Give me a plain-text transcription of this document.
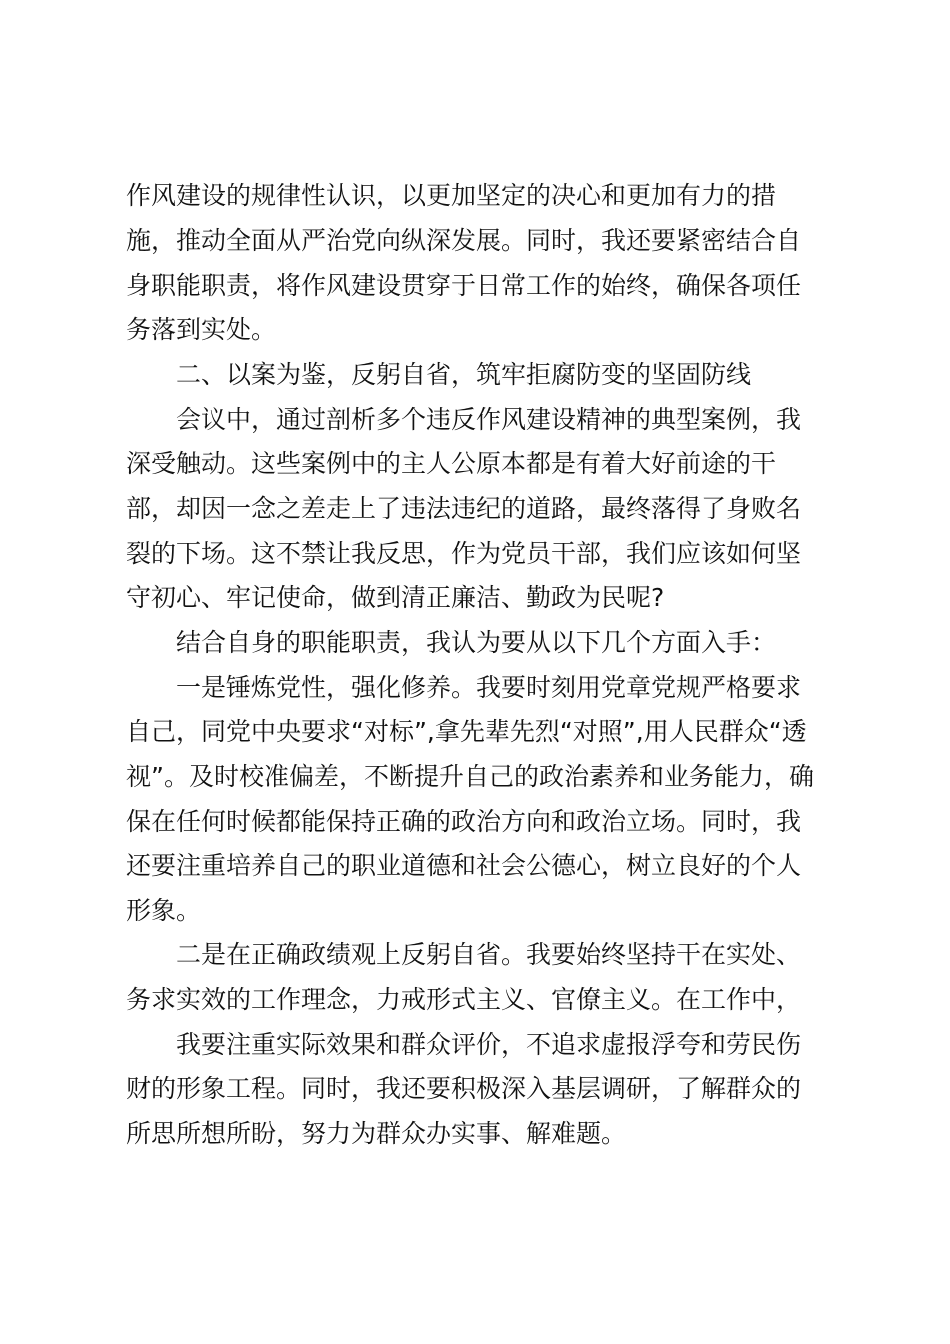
作风建设的规律性认识，以更加坚定的决心和更加有力的措
施，推动全面从严治党向纵深发展。同时，我还要紧密结合自
身职能职责，将作风建设贯穿于日常工作的始终，确保各项任
务落到实处。
二、以案为鉴，反躬自省，筑牢拒腐防变的坚固防线
会议中，通过剖析多个违反作风建设精神的典型案例，我
深受触动。这些案例中的主人公原本都是有着大好前途的干
部，却因一念之差走上了违法违纪的道路，最终落得了身败名
裂的下场。这不禁让我反思，作为党员干部，我们应该如何坚
守初心、牢记使命，做到清正廉洁、勤政为民呢?
结合自身的职能职责，我认为要从以下几个方面入手：
一是锤炼党性，强化修养。我要时刻用党章党规严格要求
自己，同党中央要求“对标”,拿先辈先烈“对照”,用人民群众“透
视”。及时校准偏差，不断提升自己的政治素养和业务能力，确
保在任何时候都能保持正确的政治方向和政治立场。同时，我
还要注重培养自己的职业道德和社会公德心，树立良好的个人
形象。
二是在正确政绩观上反躬自省。我要始终坚持干在实处、
务求实效的工作理念，力戒形式主义、官僚主义。在工作中，
我要注重实际效果和群众评价，不追求虚报浮夸和劳民伤
财的形象工程。同时，我还要积极深入基层调研，了解群众的
所思所想所盼，努力为群众办实事、解难题。
